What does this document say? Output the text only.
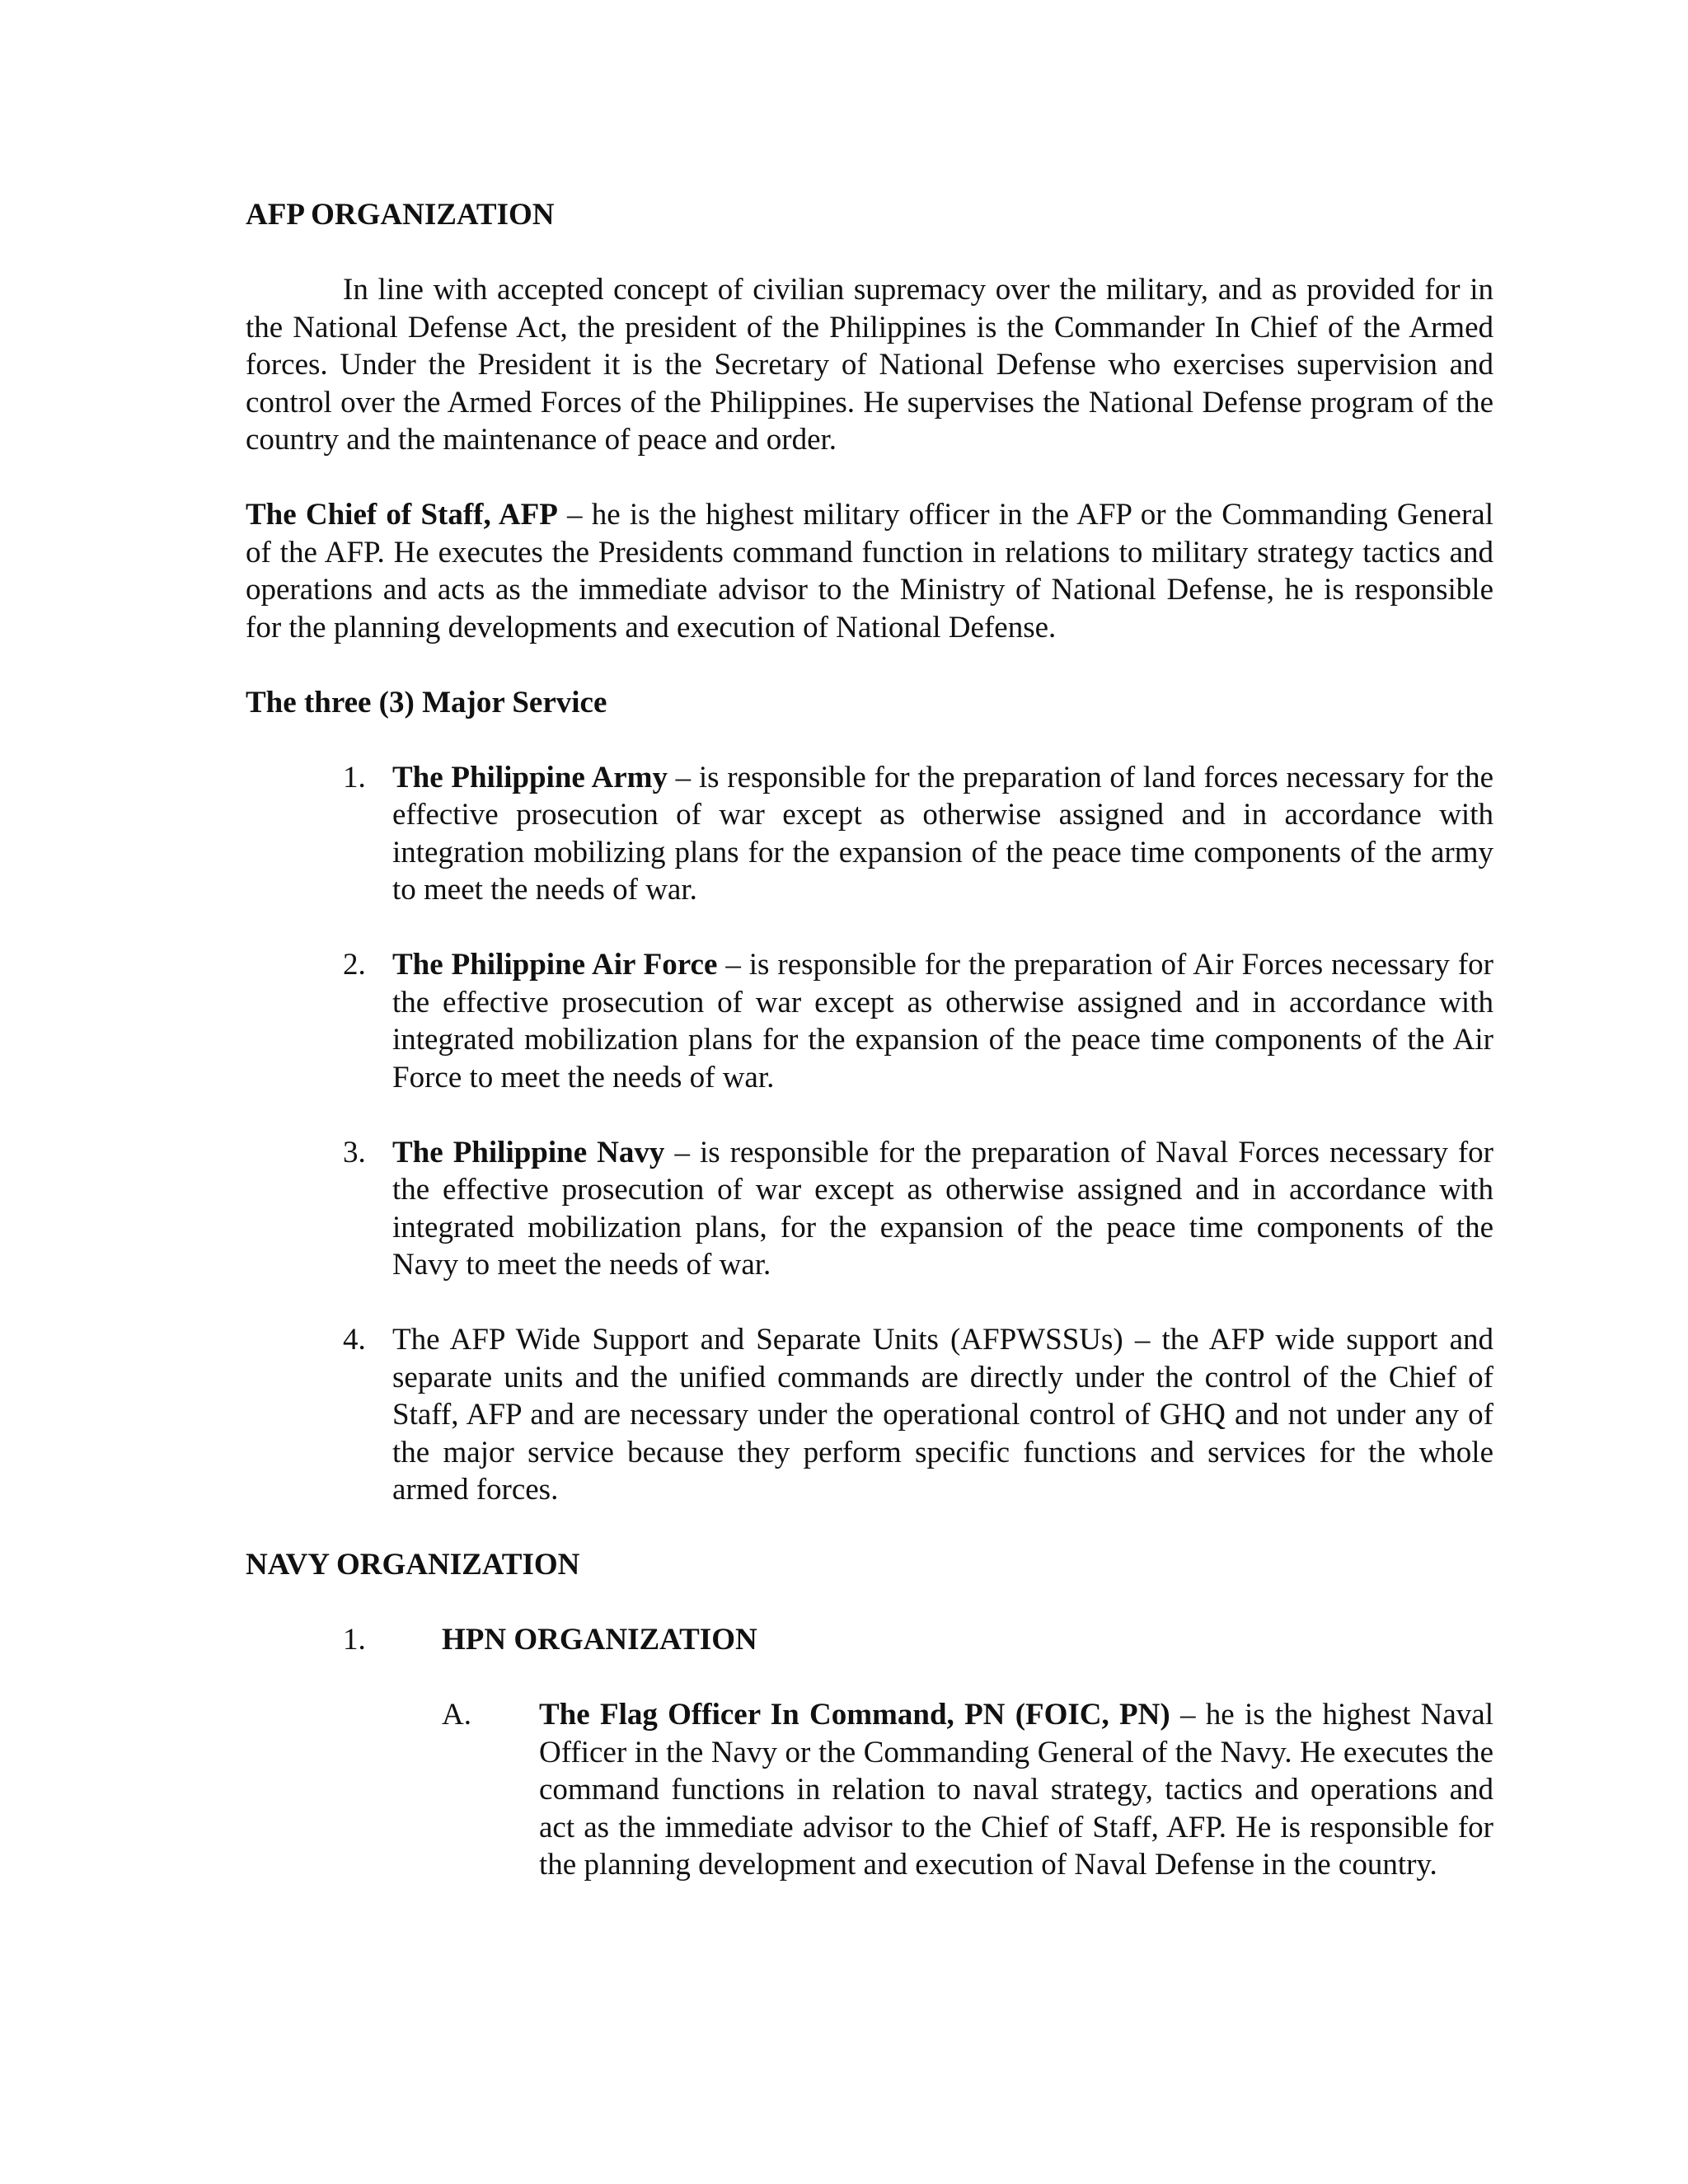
AFP ORGANIZATION

In line with accepted concept of civilian supremacy over the military, and as provided for in the National Defense Act, the president of the Philippines is the Commander In Chief of the Armed forces. Under the President it is the Secretary of National Defense who exercises supervision and control over the Armed Forces of the Philippines. He supervises the National Defense program of the country and the maintenance of peace and order.

The Chief of Staff, AFP – he is the highest military officer in the AFP or the Commanding General of the AFP. He executes the Presidents command function in relations to military strategy tactics and operations and acts as the immediate advisor to the Ministry of National Defense, he is responsible for the planning developments and execution of National Defense.

The three (3) Major Service

1. The Philippine Army – is responsible for the preparation of land forces necessary for the effective prosecution of war except as otherwise assigned and in accordance with integration mobilizing plans for the expansion of the peace time components of the army to meet the needs of war.
2. The Philippine Air Force – is responsible for the preparation of Air Forces necessary for the effective prosecution of war except as otherwise assigned and in accordance with integrated mobilization plans for the expansion of the peace time components of the Air Force to meet the needs of war.
3. The Philippine Navy – is responsible for the preparation of Naval Forces necessary for the effective prosecution of war except as otherwise assigned and in accordance with integrated mobilization plans, for the expansion of the peace time components of the Navy to meet the needs of war.
4. The AFP Wide Support and Separate Units (AFPWSSUs) – the AFP wide support and separate units and the unified commands are directly under the control of the Chief of Staff, AFP and are necessary under the operational control of GHQ and not under any of the major service because they perform specific functions and services for the whole armed forces.

NAVY ORGANIZATION

1. HPN ORGANIZATION
A. The Flag Officer In Command, PN (FOIC, PN) – he is the highest Naval Officer in the Navy or the Commanding General of the Navy. He executes the command functions in relation to naval strategy, tactics and operations and act as the immediate advisor to the Chief of Staff, AFP. He is responsible for the planning development and execution of Naval Defense in the country.
